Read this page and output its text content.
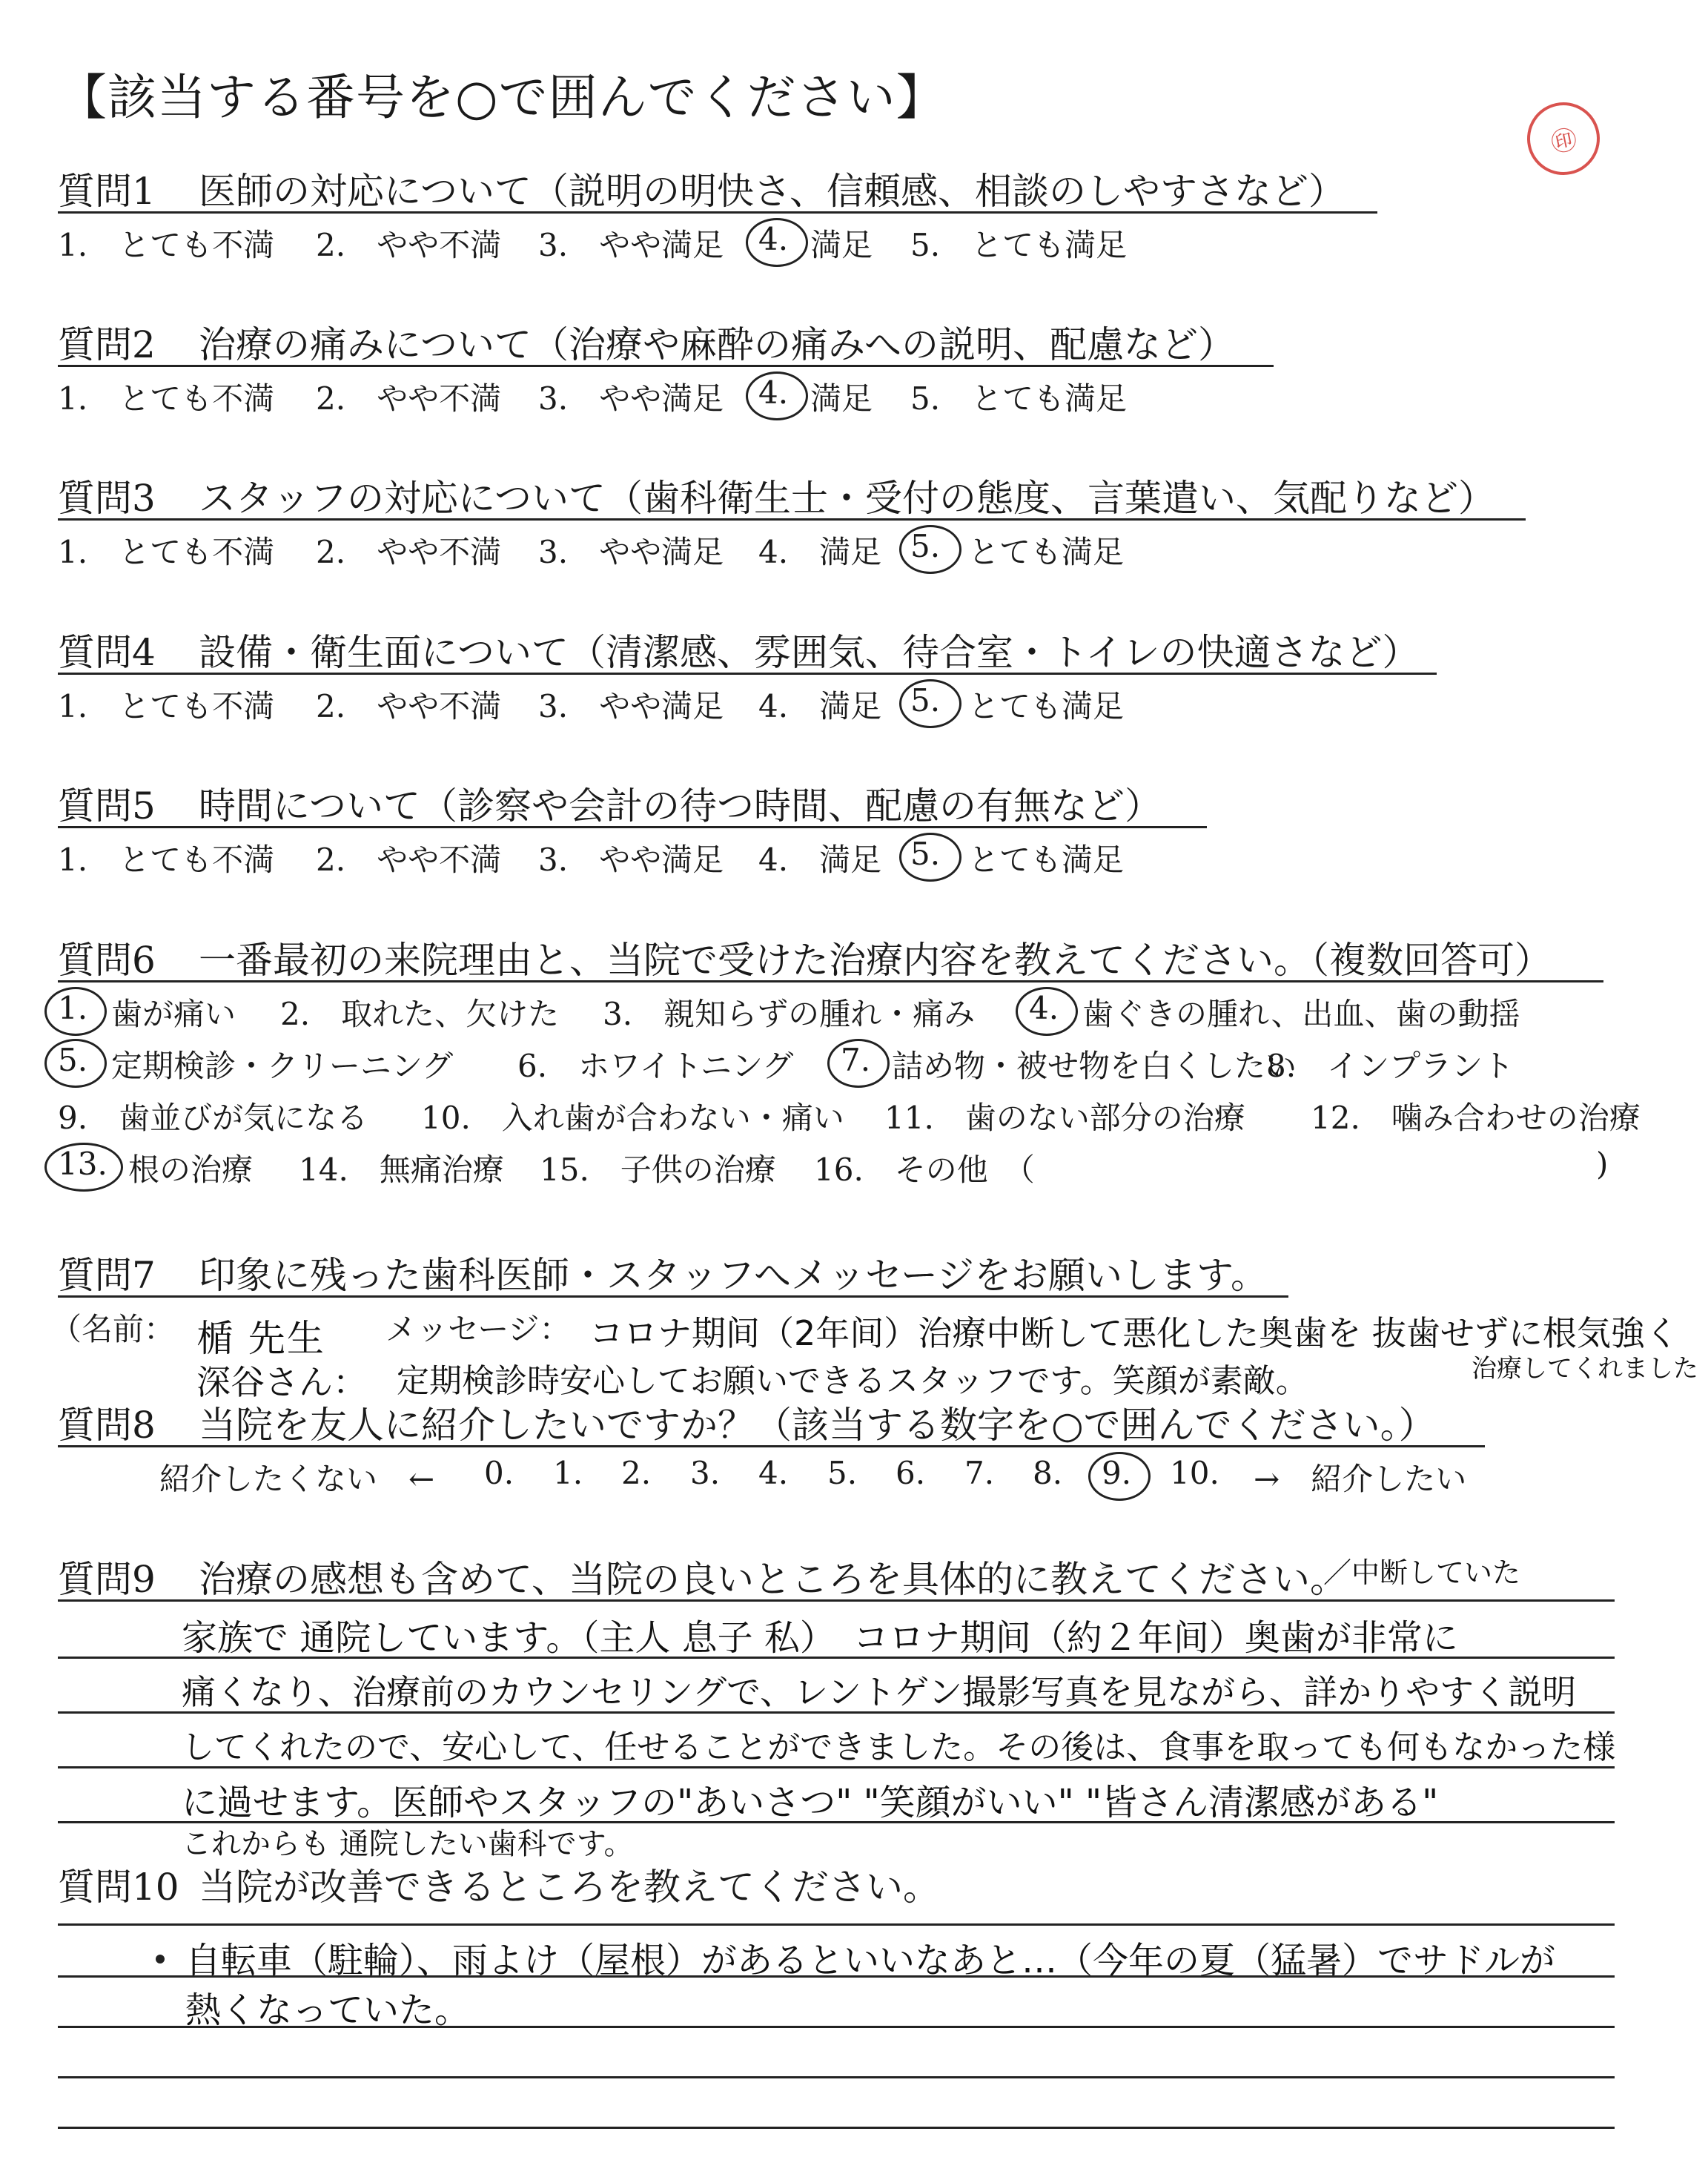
【該当する番号を○で囲んでください】
㊞
質問1 医師の対応について（説明の明快さ、信頼感、相談のしやすさなど）
1.　とても不満 2.　やや不満 3.　やや満足 4. 満足 5.　とても満足
質問2 治療の痛みについて（治療や麻酔の痛みへの説明、配慮など）
1.　とても不満 2.　やや不満 3.　やや満足 4. 満足 5.　とても満足
質問3 スタッフの対応について（歯科衛生士・受付の態度、言葉遣い、気配りなど）
1.　とても不満 2.　やや不満 3.　やや満足 4.　満足 5. とても満足
質問4 設備・衛生面について（清潔感、雰囲気、待合室・トイレの快適さなど）
1.　とても不満 2.　やや不満 3.　やや満足 4.　満足 5. とても満足
質問5 時間について（診察や会計の待つ時間、配慮の有無など）
1.　とても不満 2.　やや不満 3.　やや満足 4.　満足 5. とても満足
質問6 一番最初の来院理由と、当院で受けた治療内容を教えてください。（複数回答可）
1. 歯が痛い 2.　取れた、欠けた 3.　親知らずの腫れ・痛み 4. 歯ぐきの腫れ、出血、歯の動揺
5. 定期検診・クリーニング 6.　ホワイトニング 7. 詰め物・被せ物を白くしたい
8.　インプラント
9.　歯並びが気になる 10.　入れ歯が合わない・痛い 11.　歯のない部分の治療 12.　噛み合わせの治療
13. 根の治療 14.　無痛治療 15.　子供の治療 16.　その他　（	)
質問7 印象に残った歯科医師・スタッフへメッセージをお願いします。
（名前：	メッセージ：
楯 先生	コロナ期间（2年间）治療中断して悪化した奥歯を 抜歯せずに根気強く
治療してくれました
深谷さん： 定期検診時安心してお願いできるスタッフです。笑顔が素敵。
質問8 当院を友人に紹介したいですか？（該当する数字を○で囲んでください。）
紹介したくない　← 0. 1. 2. 3. 4. 5. 6. 7. 8. 9. 10. →　紹介したい
質問9 治療の感想も含めて、当院の良いところを具体的に教えてください。
／中断していた
家族で 通院しています。（主人 息子 私）　コロナ期间（約２年间）奥歯が非常に
痛くなり、治療前のカウンセリングで、レントゲン撮影写真を見ながら、詳かりやすく説明
してくれたので、安心して、任せることができました。その後は、食事を取っても何もなかった様
に過せます。医師やスタッフの"あいさつ" "笑顔がいい" "皆さん清潔感がある"
これからも 通院したい歯科です。
質問10 当院が改善できるところを教えてください。
自転車（駐輪）、雨よけ（屋根）があるといいなあと…（今年の夏（猛暑）でサドルが
熱くなっていた。
